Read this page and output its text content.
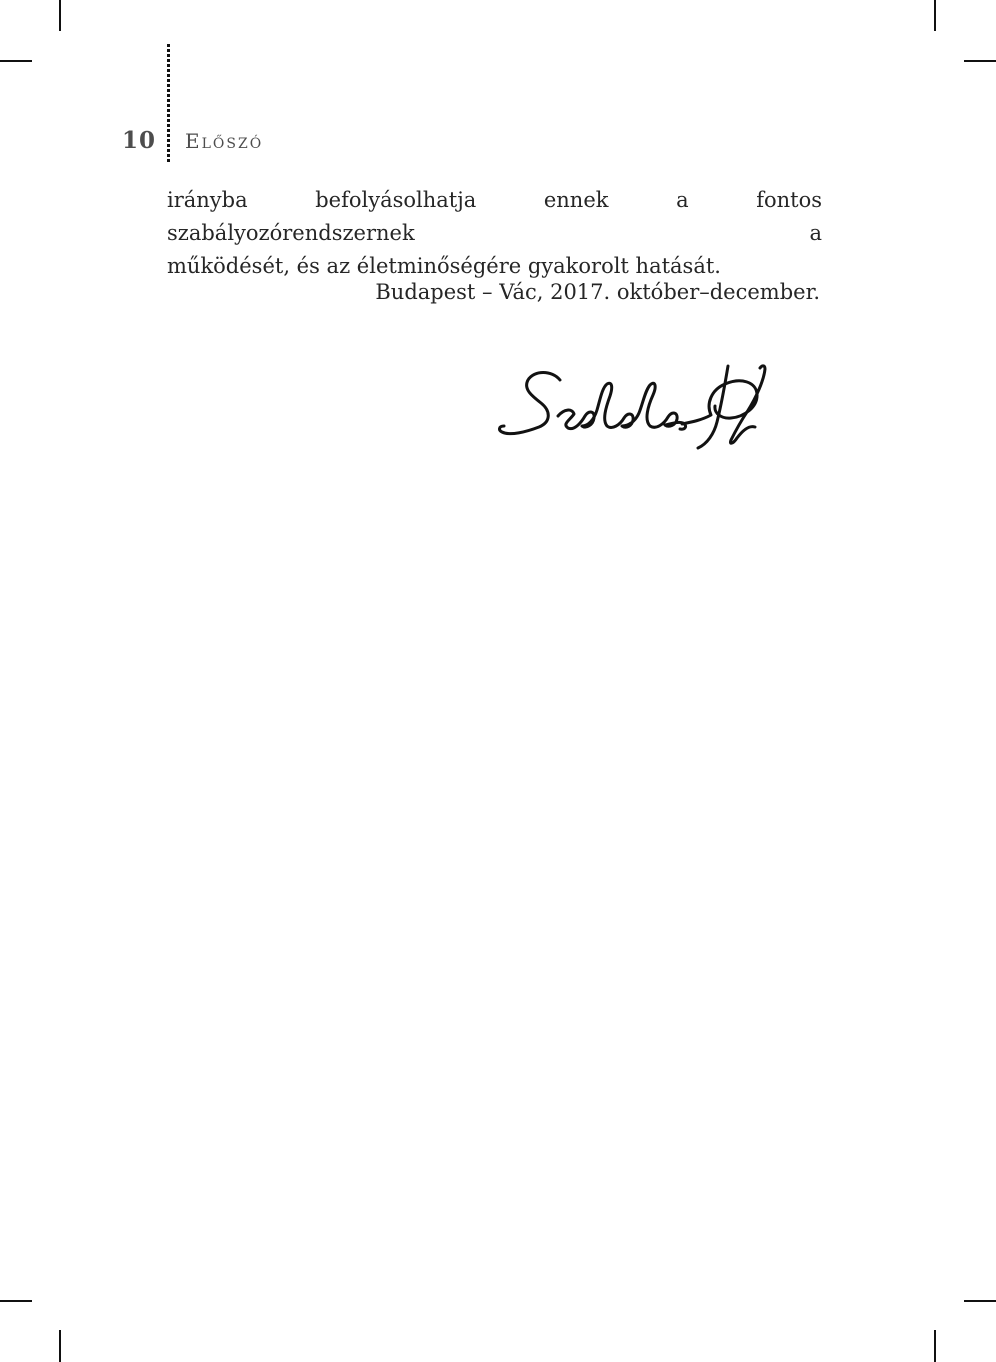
10 Előszó
irányba befolyásolhatja ennek a fontos szabályozórendszernek a
működését, és az életminőségére gyakorolt hatását.
Budapest – Vác, 2017. október–december.
